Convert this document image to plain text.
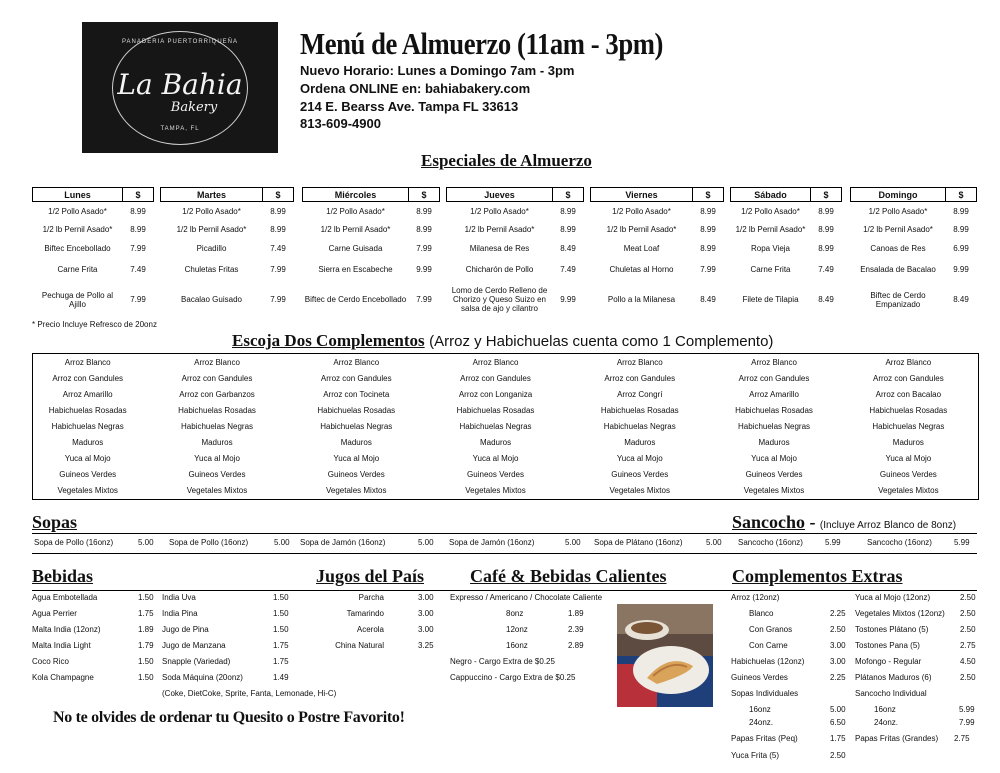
PANADERIA PUERTORRIQUEÑA
La Bahia
Bakery
TAMPA, FL
Menú de Almuerzo (11am - 3pm)
Nuevo Horario: Lunes a Domingo 7am - 3pm
Ordena ONLINE en: bahiabakery.com
214 E. Bearss Ave. Tampa FL 33613
813-609-4900
Especiales de Almuerzo
Lunes	$
1/2 Pollo Asado*	8.99
1/2 lb Pernil Asado*	8.99
Biftec Encebollado	7.99
Carne Frita	7.49
Pechuga de Pollo al Ajillo	7.99
Martes	$
1/2 Pollo Asado*	8.99
1/2 lb Pernil Asado*	8.99
Picadillo	7.49
Chuletas Fritas	7.99
Bacalao Guisado	7.99
Miércoles	$
1/2 Pollo Asado*	8.99
1/2 lb Pernil Asado*	8.99
Carne Guisada	7.99
Sierra en Escabeche	9.99
Biftec de Cerdo Encebollado	7.99
Jueves	$
1/2 Pollo Asado*	8.99
1/2 lb Pernil Asado*	8.99
Milanesa de Res	8.49
Chicharón de Pollo	7.49
Lomo de Cerdo Relleno de Chorizo y Queso Suizo en salsa de ajo y cilantro	9.99
Viernes	$
1/2 Pollo Asado*	8.99
1/2 lb Pernil Asado*	8.99
Meat Loaf	8.99
Chuletas al Horno	7.99
Pollo a la Milanesa	8.49
Sábado	$
1/2 Pollo Asado*	8.99
1/2 lb Pernil Asado*	8.99
Ropa Vieja	8.99
Carne Frita	7.49
Filete de Tilapia	8.49
Domingo	$
1/2 Pollo Asado*	8.99
1/2 lb Pernil Asado*	8.99
Canoas de Res	6.99
Ensalada de Bacalao	9.99
Biftec de Cerdo Empanizado	8.49
* Precio Incluye Refresco de 20onz
Escoja Dos Complementos (Arroz y Habichuelas cuenta como 1 Complemento)
Arroz Blanco	Arroz Blanco	Arroz Blanco	Arroz Blanco	Arroz Blanco	Arroz Blanco	Arroz Blanco
Arroz con Gandules	Arroz con Gandules	Arroz con Gandules	Arroz con Gandules	Arroz con Gandules	Arroz con Gandules	Arroz con Gandules
Arroz Amarillo	Arroz con Garbanzos	Arroz con Tocineta	Arroz con Longaniza	Arroz Congrí	Arroz Amarillo	Arroz con Bacalao
Habichuelas Rosadas	Habichuelas Rosadas	Habichuelas Rosadas	Habichuelas Rosadas	Habichuelas Rosadas	Habichuelas Rosadas	Habichuelas Rosadas
Habichuelas Negras	Habichuelas Negras	Habichuelas Negras	Habichuelas Negras	Habichuelas Negras	Habichuelas Negras	Habichuelas Negras
Maduros	Maduros	Maduros	Maduros	Maduros	Maduros	Maduros
Yuca al Mojo	Yuca al Mojo	Yuca al Mojo	Yuca al Mojo	Yuca al Mojo	Yuca al Mojo	Yuca al Mojo
Guineos Verdes	Guineos Verdes	Guineos Verdes	Guineos Verdes	Guineos Verdes	Guineos Verdes	Guineos Verdes
Vegetales Mixtos	Vegetales Mixtos	Vegetales Mixtos	Vegetales Mixtos	Vegetales Mixtos	Vegetales Mixtos	Vegetales Mixtos
Sopas	Sancocho - (Incluye Arroz Blanco de 8onz)
Sopa de Pollo (16onz)	5.00 Sopa de Pollo (16onz)	5.00 Sopa de Jamón (16onz)	5.00 Sopa de Jamón (16onz)	5.00 Sopa de Plátano (16onz)	5.00 Sancocho (16onz)	5.99	Sancocho (16onz)	5.99
Bebidas	Jugos del País	Café & Bebidas Calientes	Complementos Extras
Agua Embotellada	1.50
Agua Perrier	1.75
Malta India (12onz)	1.89
Malta India Light	1.79
Coco Rico	1.50
Kola Champagne	1.50
India Uva	1.50
India Pina	1.50
Jugo de Pina	1.50
Jugo de Manzana	1.75
Snapple (Variedad)	1.75
Soda Máquina (20onz)	1.49
Parcha	3.00
Tamarindo	3.00
Acerola	3.00
China Natural	3.25
8onz	1.89
12onz	2.39
16onz	2.89
Arroz (12onz)
Blanco	2.25
Con Granos	2.50
Con Carne	3.00
Habichuelas (12onz)	3.00
Guineos Verdes	2.25
Sopas Individuales
16onz	5.00
24onz.	6.50
Papas Fritas (Peq)	1.75
Yuca Frita (5)	2.50
Yuca al Mojo (12onz)	2.50
Vegetales Mixtos (12onz) 2.50
Tostones Plátano (5)	2.50
Tostones Pana (5)	2.75
Mofongo - Regular	4.50
Plátanos Maduros (6)	2.50
Sancocho Individual
16onz	5.99
24onz.	7.99
Papas Fritas (Grandes) 2.75
(Coke, DietCoke, Sprite, Fanta, Lemonade, Hi-C)
Expresso / Americano / Chocolate Caliente
Negro - Cargo Extra de $0.25
Cappuccino - Cargo Extra de $0.25
No te olvides de ordenar tu Quesito o Postre Favorito!
